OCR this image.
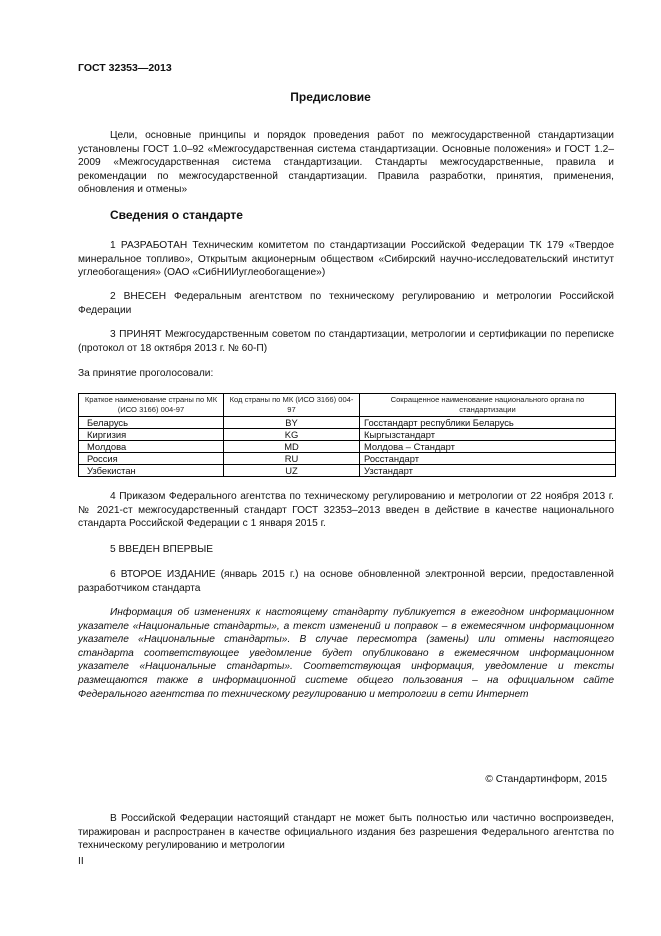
ГОСТ 32353—2013
Предисловие
Цели, основные принципы и порядок проведения работ по межгосударственной стандартизации установлены ГОСТ 1.0–92 «Межгосударственная система стандартизации. Основные положения» и ГОСТ 1.2–2009 «Межгосударственная система стандартизации. Стандарты межгосударственные, правила и рекомендации по межгосударственной стандартизации. Правила разработки, принятия, применения, обновления и отмены»
Сведения о стандарте
1 РАЗРАБОТАН Техническим комитетом по стандартизации Российской Федерации ТК 179 «Твердое минеральное топливо», Открытым акционерным обществом «Сибирский научно-исследовательский институт углеобогащения» (ОАО «СибНИИуглеобогащение»)
2 ВНЕСЕН Федеральным агентством по техническому регулированию и метрологии Российской Федерации
3 ПРИНЯТ Межгосударственным советом по стандартизации, метрологии и сертификации по переписке (протокол от 18 октября 2013 г. № 60-П)
За принятие проголосовали:
Краткое наименование страны по МК (ИСО 3166) 004-97	Код страны по МК (ИСО 3166) 004-97	Сокращенное наименование национального органа по стандартизации
Беларусь	BY	Госстандарт республики Беларусь
Киргизия	KG	Кыргызстандарт
Молдова	MD	Молдова – Стандарт
Россия	RU	Росстандарт
Узбекистан	UZ	Узстандарт
4 Приказом Федерального агентства по техническому регулированию и метрологии от 22 ноября 2013 г. № 2021-ст межгосударственный стандарт ГОСТ 32353–2013 введен в действие в качестве национального стандарта Российской Федерации с 1 января 2015 г.
5 ВВЕДЕН ВПЕРВЫЕ
6 ВТОРОЕ ИЗДАНИЕ (январь 2015 г.) на основе обновленной электронной версии, предоставленной разработчиком стандарта
Информация об изменениях к настоящему стандарту публикуется в ежегодном информационном указателе «Национальные стандарты», а текст изменений и поправок – в ежемесячном информационном указателе «Национальные стандарты». В случае пересмотра (замены) или отмены настоящего стандарта соответствующее уведомление будет опубликовано в ежемесячном информационном указателе «Национальные стандарты». Соответствующая информация, уведомление и тексты размещаются также в информационной системе общего пользования – на официальном сайте Федерального агентства по техническому регулированию и метрологии в сети Интернет
© Стандартинформ, 2015
В Российской Федерации настоящий стандарт не может быть полностью или частично воспроизведен, тиражирован и распространен в качестве официального издания без разрешения Федерального агентства по техническому регулированию и метрологии
II
